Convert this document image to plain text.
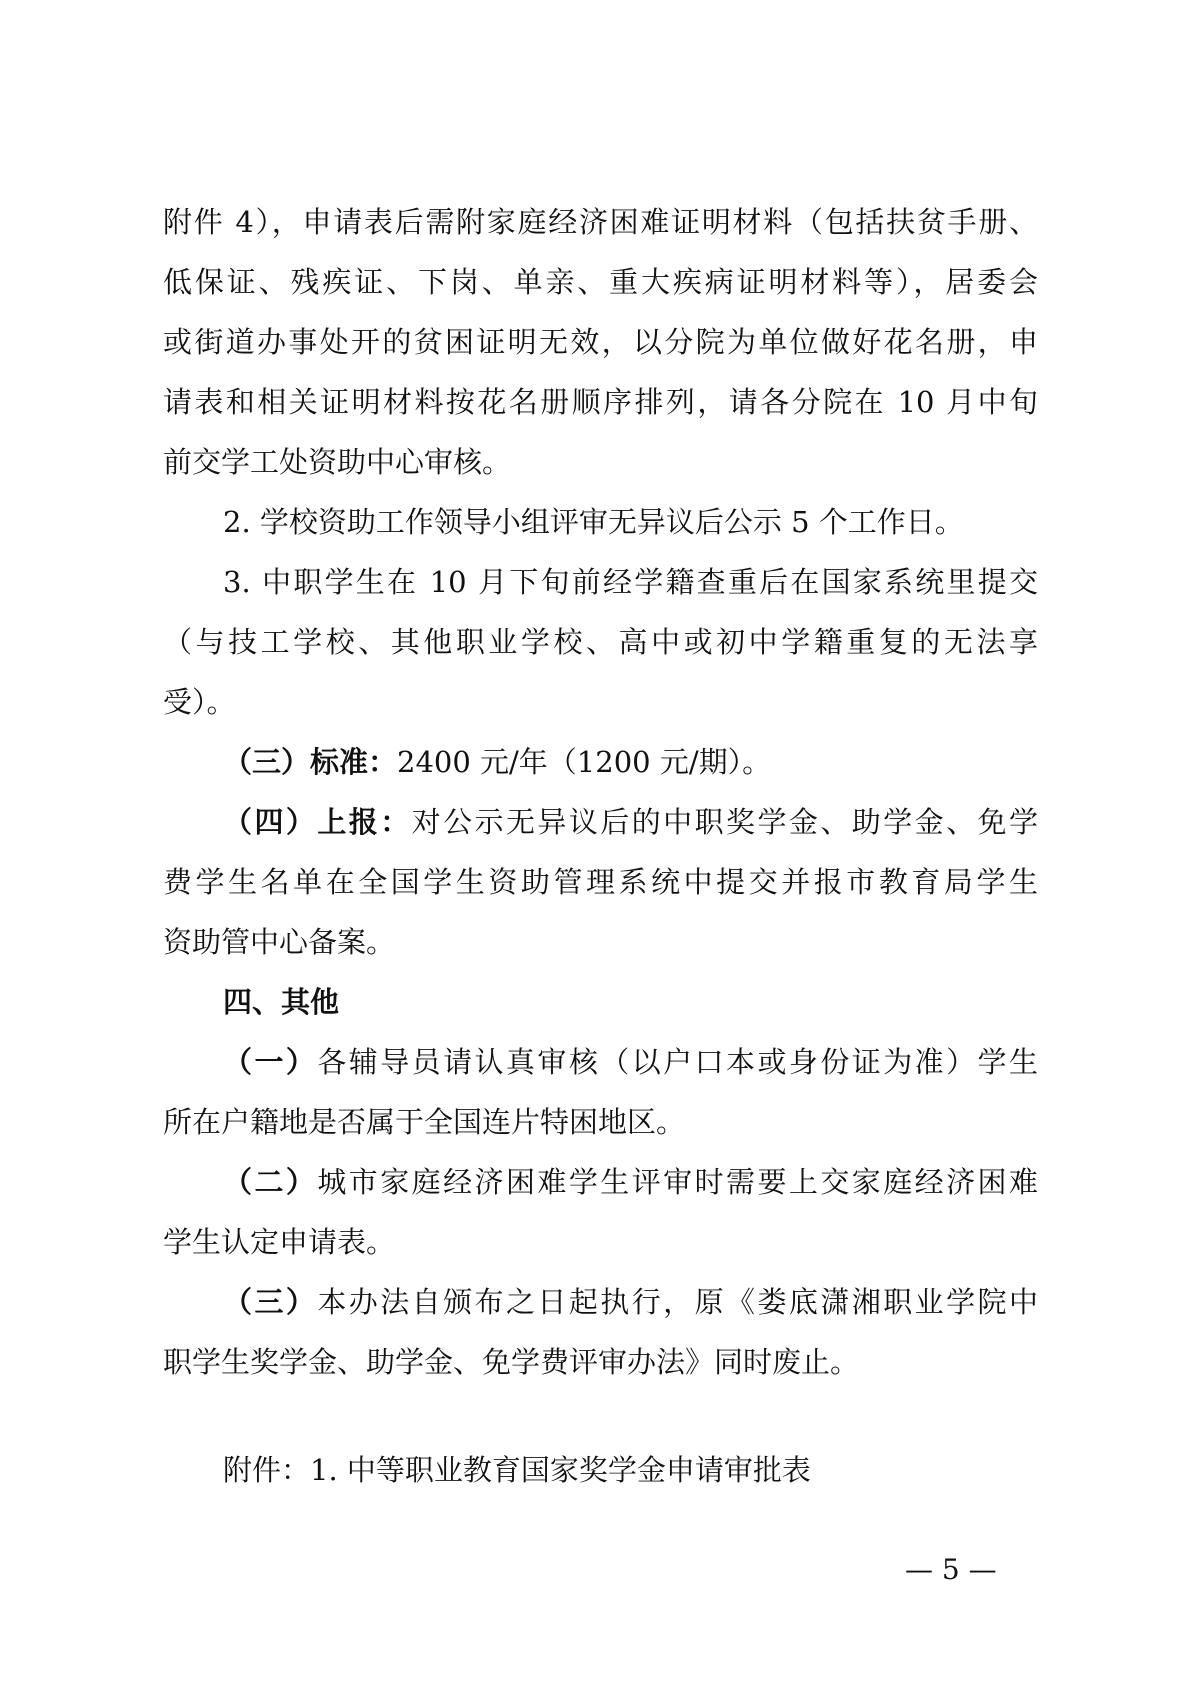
附件 4），申请表后需附家庭经济困难证明材料（包括扶贫手册、
低保证、残疾证、下岗、单亲、重大疾病证明材料等），居委会
或街道办事处开的贫困证明无效，以分院为单位做好花名册，申
请表和相关证明材料按花名册顺序排列，请各分院在 10 月中旬
前交学工处资助中心审核。
2. 学校资助工作领导小组评审无异议后公示 5 个工作日。
3. 中职学生在 10 月下旬前经学籍查重后在国家系统里提交
（与技工学校、其他职业学校、高中或初中学籍重复的无法享
受）。
（三）标准：2400 元/年（1200 元/期）。
（四）上报：对公示无异议后的中职奖学金、助学金、免学
费学生名单在全国学生资助管理系统中提交并报市教育局学生
资助管中心备案。
四、其他
（一）各辅导员请认真审核（以户口本或身份证为准）学生
所在户籍地是否属于全国连片特困地区。
（二）城市家庭经济困难学生评审时需要上交家庭经济困难
学生认定申请表。
（三）本办法自颁布之日起执行，原《娄底潇湘职业学院中
职学生奖学金、助学金、免学费评审办法》同时废止。
附件：1. 中等职业教育国家奖学金申请审批表
— 5 —
